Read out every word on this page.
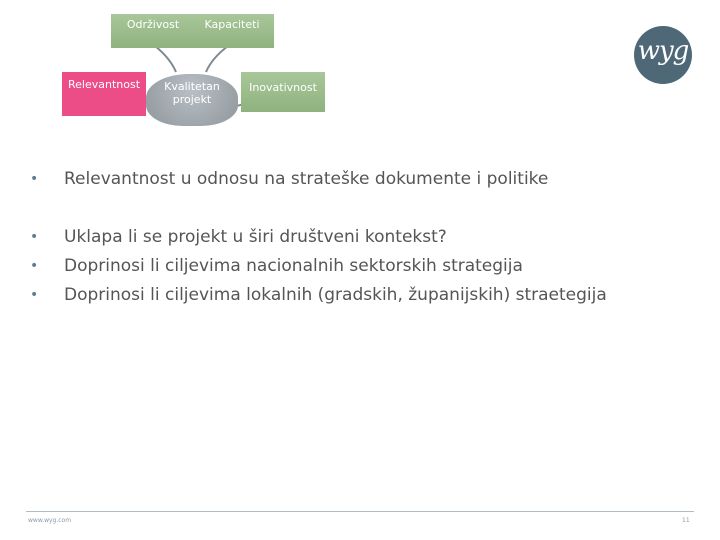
Održivost	Kapaciteti
Relevantnost	Inovativnost
Kvalitetan
projekt
wyg
• Relevantnost u odnosu na strateške dokumente i politike
• Uklapa li se projekt u širi društveni kontekst?
• Doprinosi li ciljevima nacionalnih sektorskih strategija
• Doprinosi li ciljevima lokalnih (gradskih, županijskih) straetegija
www.wyg.com	11
